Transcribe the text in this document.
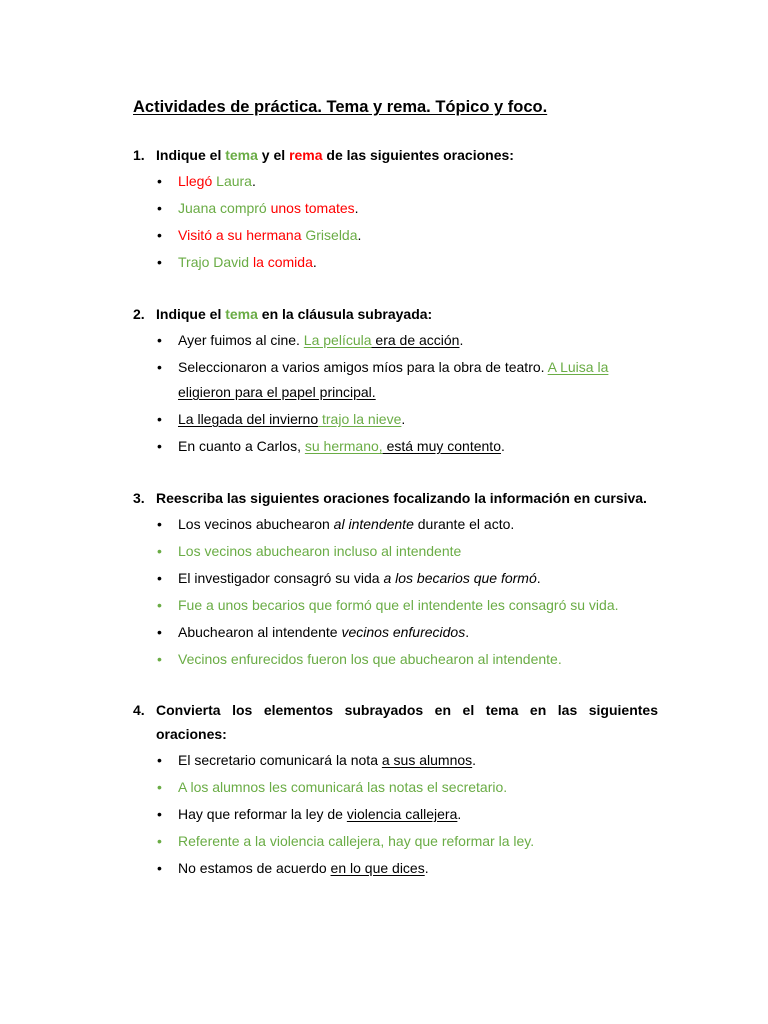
Actividades de práctica. Tema y rema. Tópico y foco.
1. Indique el tema y el rema de las siguientes oraciones:
• Llegó Laura.
• Juana compró unos tomates.
• Visitó a su hermana Griselda.
• Trajo David la comida.
2. Indique el tema en la cláusula subrayada:
• Ayer fuimos al cine. La película era de acción.
• Seleccionaron a varios amigos míos para la obra de teatro. A Luisa la
eligieron para el papel principal.
• La llegada del invierno trajo la nieve.
• En cuanto a Carlos, su hermano, está muy contento.
3. Reescriba las siguientes oraciones focalizando la información en cursiva.
• Los vecinos abuchearon al intendente durante el acto.
• Los vecinos abuchearon incluso al intendente
• El investigador consagró su vida a los becarios que formó.
• Fue a unos becarios que formó que el intendente les consagró su vida.
• Abuchearon al intendente vecinos enfurecidos.
• Vecinos enfurecidos fueron los que abuchearon al intendente.
4. Convierta los elementos subrayados en el tema en las siguientes oraciones:
• El secretario comunicará la nota a sus alumnos.
• A los alumnos les comunicará las notas el secretario.
• Hay que reformar la ley de violencia callejera.
• Referente a la violencia callejera, hay que reformar la ley.
• No estamos de acuerdo en lo que dices.
